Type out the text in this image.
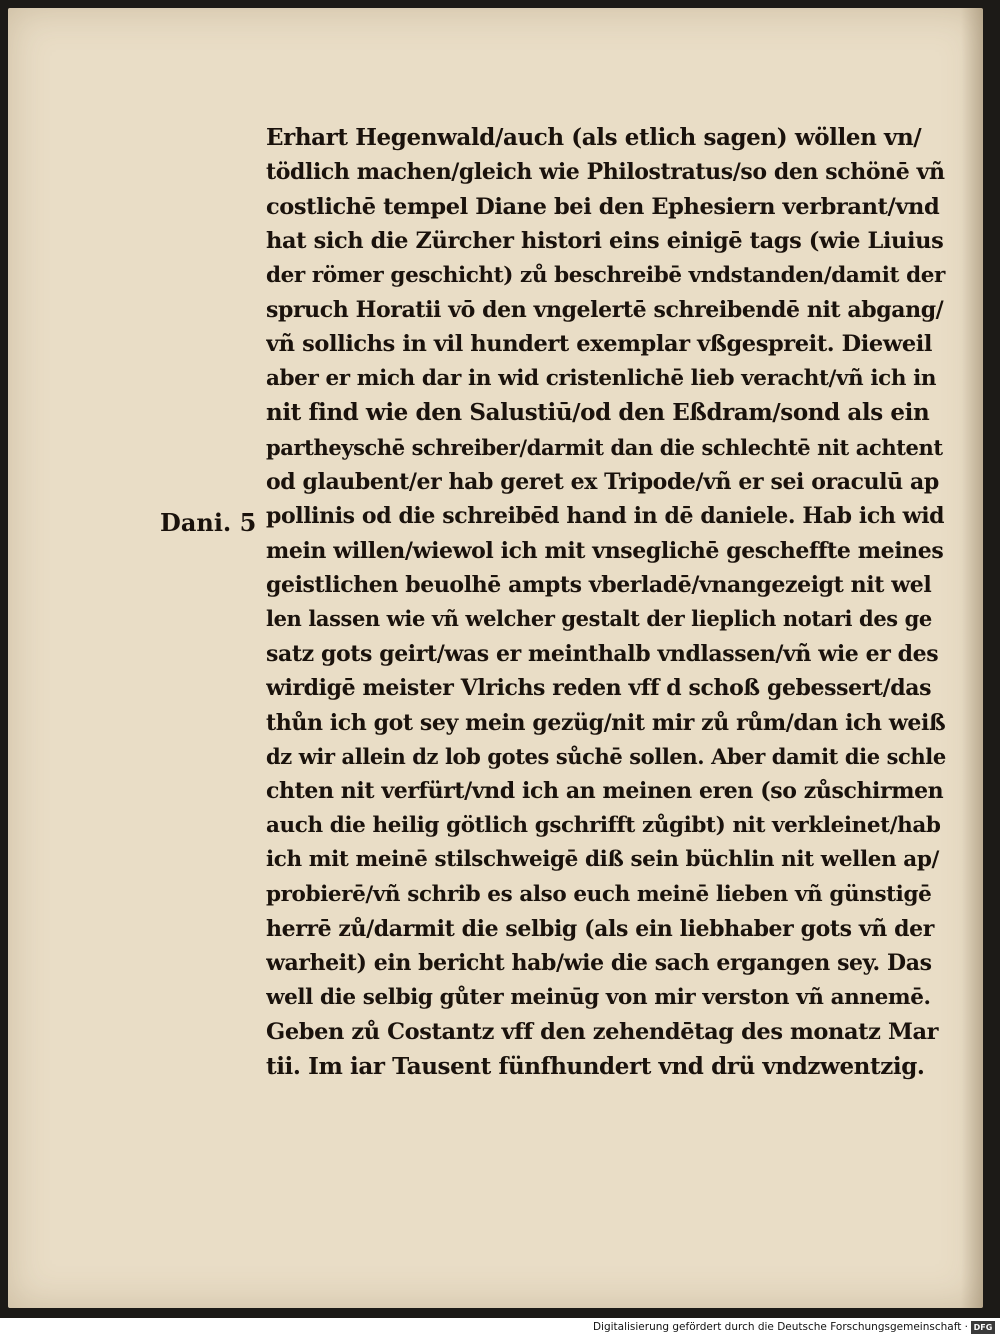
Dani. 5
Erhart Hegenwald/auch (als etlich sagen) wöllen vn/
tödlich machen/gleich wie Philostratus/so den schönē vñ
costlichē tempel Diane bei den Ephesiern verbrant/vnd
hat sich die Zürcher histori eins einigē tags (wie Liuius
der römer geschicht) zů beschreibē vndstanden/damit der
spruch Horatii vō den vngelertē schreibendē nit abgang/
vñ sollichs in vil hundert exemplar vßgespreit. Dieweil
aber er mich dar in wid cristenlichē lieb veracht/vñ ich in
nit find wie den Salustiū/od den Eßdram/sond als ein
partheyschē schreiber/darmit dan die schlechtē nit achtent
od glaubent/er hab geret ex Tripode/vñ er sei oraculū ap
pollinis od die schreibēd hand in dē daniele. Hab ich wid
mein willen/wiewol ich mit vnseglichē gescheffte meines
geistlichen beuolhē ampts vberladē/vnangezeigt nit wel
len lassen wie vñ welcher gestalt der lieplich notari des ge
satz gots geirt/was er meinthalb vndlassen/vñ wie er des
wirdigē meister Vlrichs reden vff d schoß gebessert/das
thůn ich got sey mein gezüg/nit mir zů rům/dan ich weiß
dz wir allein dz lob gotes sůchē sollen. Aber damit die schle
chten nit verfürt/vnd ich an meinen eren (so zůschirmen
auch die heilig götlich gschrifft zůgibt) nit verkleinet/hab
ich mit meinē stilschweigē diß sein büchlin nit wellen ap/
probierē/vñ schrib es also euch meinē lieben vñ günstigē
herrē zů/darmit die selbig (als ein liebhaber gots vñ der
warheit) ein bericht hab/wie die sach ergangen sey. Das
well die selbig gůter meinūg von mir verston vñ annemē.
Geben zů Costantz vff den zehendētag des monatz Mar
tii. Im iar Tausent fünfhundert vnd drü vndzwentzig.
Digitalisierung gefördert durch die Deutsche Forschungsgemeinschaft · DFG
